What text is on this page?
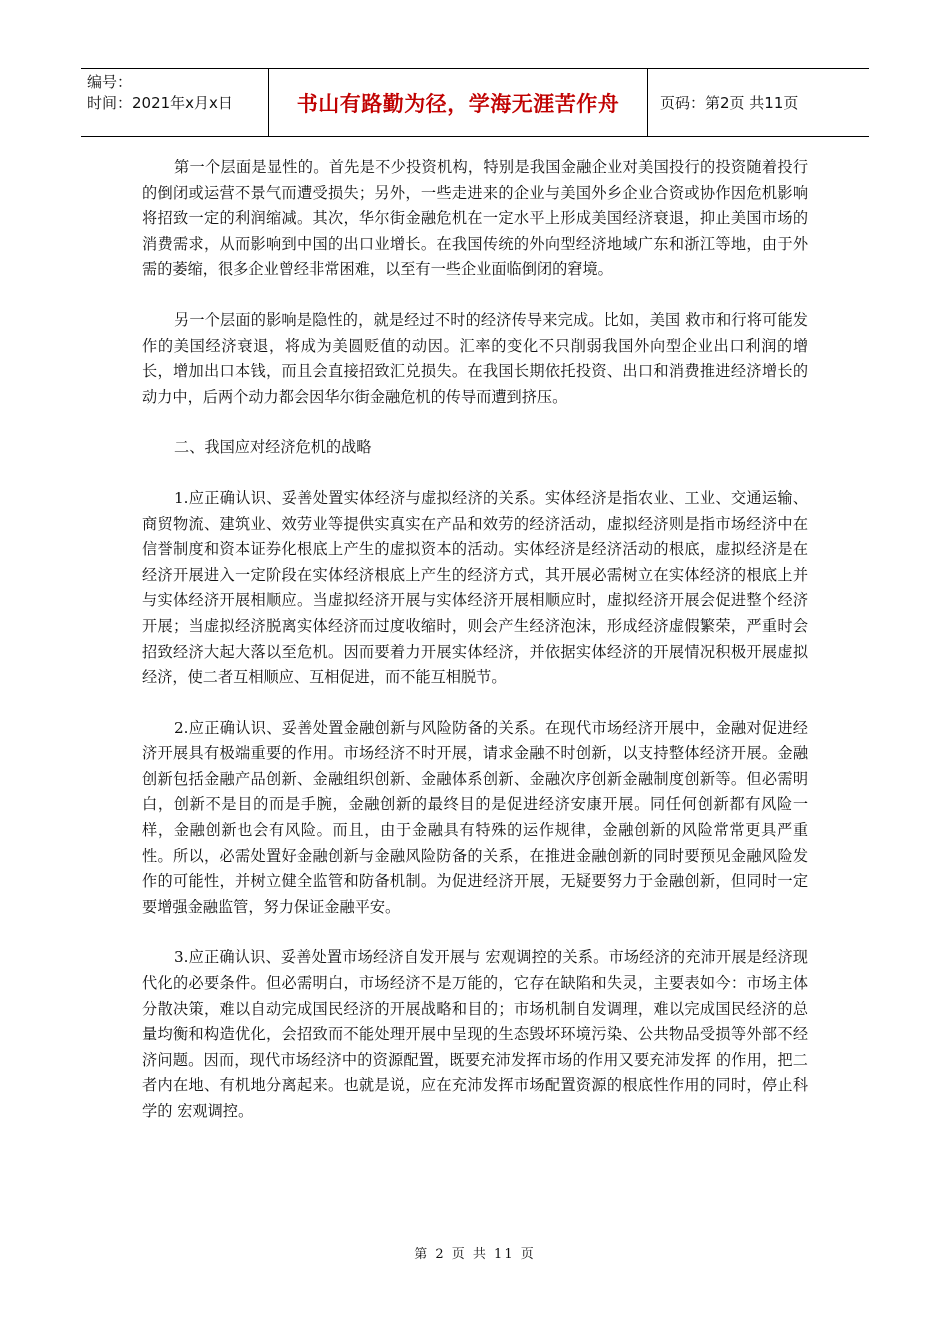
编号：
时间：2021年x月x日	书山有路勤为径，学海无涯苦作舟	页码：第2页 共11页

第一个层面是显性的。首先是不少投资机构，特别是我国金融企业对美国投行的投资随着投行的倒闭或运营不景气而遭受损失；另外，一些走进来的企业与美国外乡企业合资或协作因危机影响将招致一定的利润缩减。其次，华尔街金融危机在一定水平上形成美国经济衰退，抑止美国市场的消费需求，从而影响到中国的出口业增长。在我国传统的外向型经济地域广东和浙江等地，由于外需的萎缩，很多企业曾经非常困难，以至有一些企业面临倒闭的窘境。

另一个层面的影响是隐性的，就是经过不时的经济传导来完成。比如，美国 救市和行将可能发作的美国经济衰退，将成为美圆贬值的动因。汇率的变化不只削弱我国外向型企业出口利润的增长，增加出口本钱，而且会直接招致汇兑损失。在我国长期依托投资、出口和消费推进经济增长的动力中，后两个动力都会因华尔街金融危机的传导而遭到挤压。

二、我国应对经济危机的战略

1.应正确认识、妥善处置实体经济与虚拟经济的关系。实体经济是指农业、工业、交通运输、商贸物流、建筑业、效劳业等提供实真实在产品和效劳的经济活动，虚拟经济则是指市场经济中在信誉制度和资本证券化根底上产生的虚拟资本的活动。实体经济是经济活动的根底，虚拟经济是在经济开展进入一定阶段在实体经济根底上产生的经济方式，其开展必需树立在实体经济的根底上并与实体经济开展相顺应。当虚拟经济开展与实体经济开展相顺应时，虚拟经济开展会促进整个经济开展；当虚拟经济脱离实体经济而过度收缩时，则会产生经济泡沫，形成经济虚假繁荣，严重时会招致经济大起大落以至危机。因而要着力开展实体经济，并依据实体经济的开展情况积极开展虚拟经济，使二者互相顺应、互相促进，而不能互相脱节。

2.应正确认识、妥善处置金融创新与风险防备的关系。在现代市场经济开展中，金融对促进经济开展具有极端重要的作用。市场经济不时开展，请求金融不时创新，以支持整体经济开展。金融创新包括金融产品创新、金融组织创新、金融体系创新、金融次序创新金融制度创新等。但必需明白，创新不是目的而是手腕，金融创新的最终目的是促进经济安康开展。同任何创新都有风险一样，金融创新也会有风险。而且，由于金融具有特殊的运作规律，金融创新的风险常常更具严重性。所以，必需处置好金融创新与金融风险防备的关系，在推进金融创新的同时要预见金融风险发作的可能性，并树立健全监管和防备机制。为促进经济开展，无疑要努力于金融创新，但同时一定要增强金融监管，努力保证金融平安。

3.应正确认识、妥善处置市场经济自发开展与 宏观调控的关系。市场经济的充沛开展是经济现代化的必要条件。但必需明白，市场经济不是万能的，它存在缺陷和失灵，主要表如今：市场主体分散决策，难以自动完成国民经济的开展战略和目的；市场机制自发调理，难以完成国民经济的总量均衡和构造优化，会招致而不能处理开展中呈现的生态毁坏环境污染、公共物品受损等外部不经济问题。因而，现代市场经济中的资源配置，既要充沛发挥市场的作用又要充沛发挥 的作用，把二者内在地、有机地分离起来。也就是说，应在充沛发挥市场配置资源的根底性作用的同时，停止科学的 宏观调控。

第 2 页 共 11 页
